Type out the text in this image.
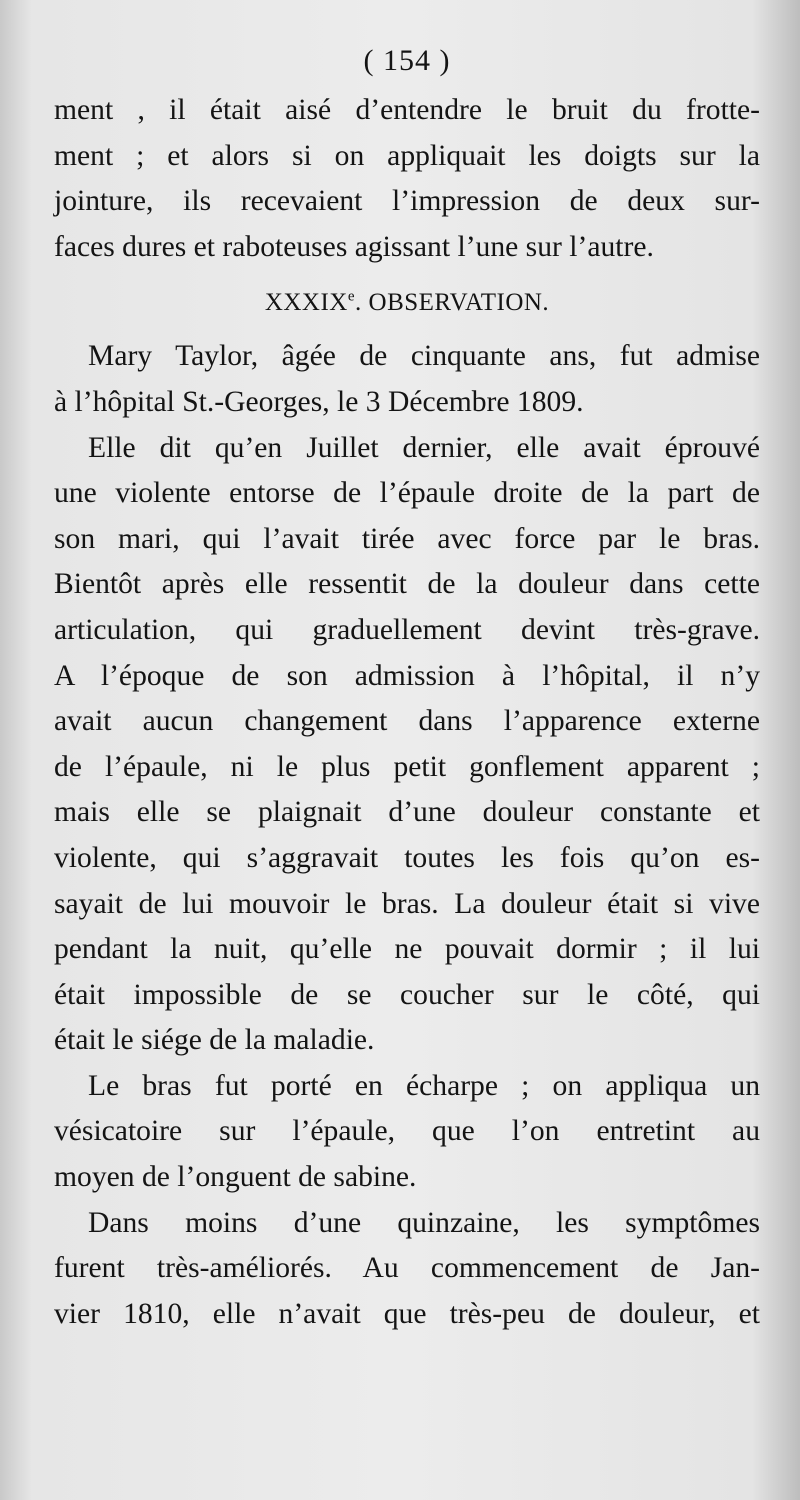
( 154 )
ment , il était aisé d’entendre le bruit du frotte-
ment ; et alors si on appliquait les doigts sur la
jointure, ils recevaient l’impression de deux sur-
faces dures et raboteuses agissant l’une sur l’autre.
XXXIXe. OBSERVATION.
Mary Taylor, âgée de cinquante ans, fut admise
à l’hôpital St.-Georges, le 3 Décembre 1809.
Elle dit qu’en Juillet dernier, elle avait éprouvé
une violente entorse de l’épaule droite de la part de
son mari, qui l’avait tirée avec force par le bras.
Bientôt après elle ressentit de la douleur dans cette
articulation, qui graduellement devint très-grave.
A l’époque de son admission à l’hôpital, il n’y
avait aucun changement dans l’apparence externe
de l’épaule, ni le plus petit gonflement apparent ;
mais elle se plaignait d’une douleur constante et
violente, qui s’aggravait toutes les fois qu’on es-
sayait de lui mouvoir le bras. La douleur était si vive
pendant la nuit, qu’elle ne pouvait dormir ; il lui
était impossible de se coucher sur le côté, qui
était le siége de la maladie.
Le bras fut porté en écharpe ; on appliqua un
vésicatoire sur l’épaule, que l’on entretint au
moyen de l’onguent de sabine.
Dans moins d’une quinzaine, les symptômes
furent très-améliorés. Au commencement de Jan-
vier 1810, elle n’avait que très-peu de douleur, et
